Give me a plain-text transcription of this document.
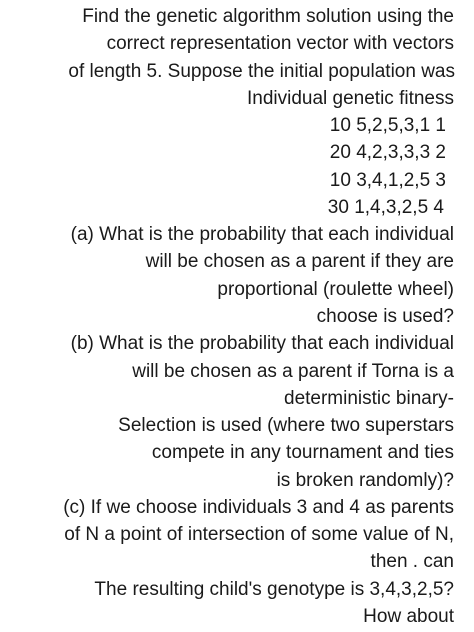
Find the genetic algorithm solution using the
correct representation vector with vectors
of length 5. Suppose the initial population was
Individual genetic fitness
10 5,2,5,3,1 1
20 4,2,3,3,3 2
10 3,4,1,2,5 3
30 1,4,3,2,5 4
(a) What is the probability that each individual
will be chosen as a parent if they are
proportional (roulette wheel)
choose is used?
(b) What is the probability that each individual
will be chosen as a parent if Torna is a
deterministic binary-
Selection is used (where two superstars
compete in any tournament and ties
is broken randomly)?
(c) If we choose individuals 3 and 4 as parents
of N a point of intersection of some value of N,
then . can
The resulting child's genotype is 3,4,3,2,5?
How about
